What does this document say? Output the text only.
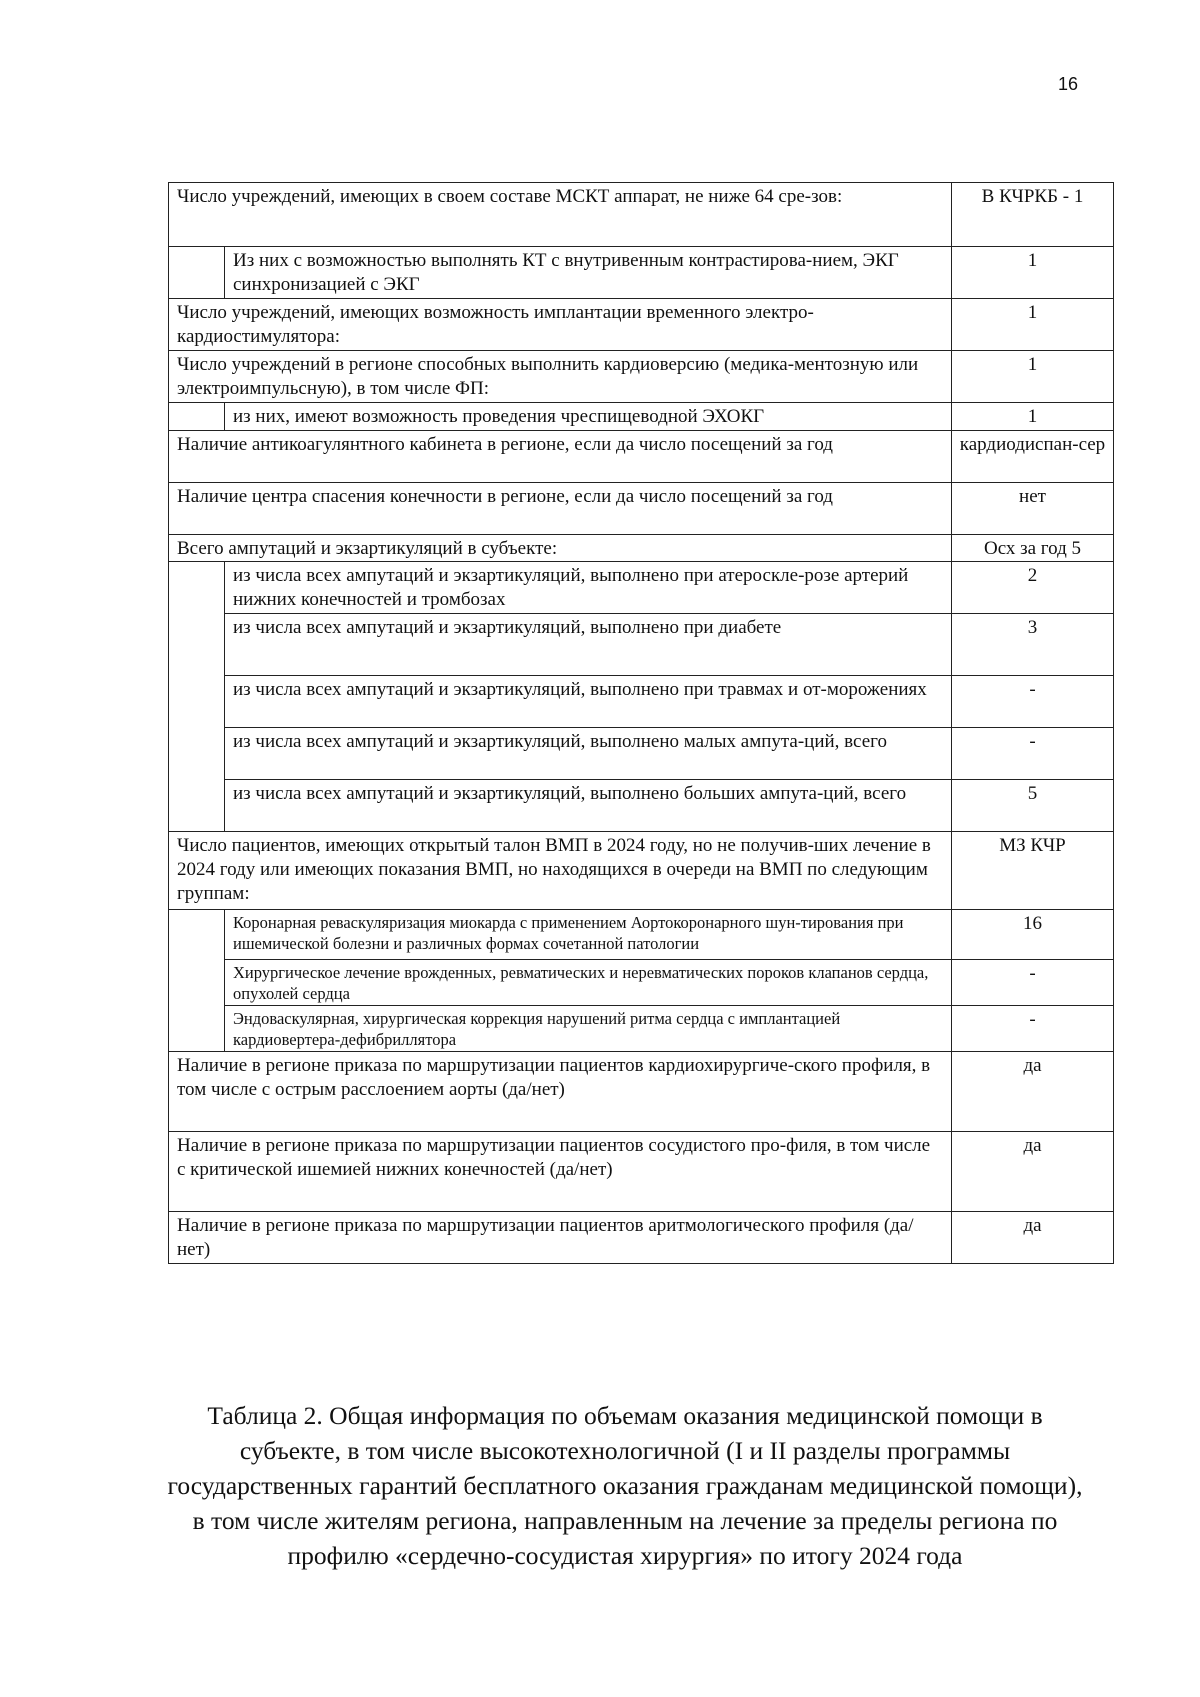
16
Число учреждений, имеющих в своем составе МСКТ аппарат, не ниже 64 сре-зов:			В КЧРКБ - 1
		Из них с возможностью выполнять КТ с внутривенным контрастирова-нием, ЭКГ синхронизацией с ЭКГ	1
Число учреждений, имеющих возможность имплантации временного электро-кардиостимулятора:			1
Число учреждений в регионе способных выполнить кардиоверсию (медика-ментозную или электроимпульсную), в том числе ФП:			1
		из них, имеют возможность проведения чреспищеводной ЭХОКГ	1
Наличие антикоагулянтного кабинета в регионе, если да число посещений за год			кардиодиспан-сер
Наличие центра спасения конечности в регионе, если да число посещений за год			нет
Всего ампутаций и экзартикуляций в субъекте:			Осх за год 5
		из числа всех ампутаций и экзартикуляций, выполнено при атероскле-розе артерий нижних конечностей и тромбозах	2
		из числа всех ампутаций и экзартикуляций, выполнено при диабете	3
		из числа всех ампутаций и экзартикуляций, выполнено при травмах и от-морожениях	-
		из числа всех ампутаций и экзартикуляций, выполнено малых ампута-ций, всего	-
		из числа всех ампутаций и экзартикуляций, выполнено больших ампута-ций, всего	5
Число пациентов, имеющих открытый талон ВМП в 2024 году, но не получив-ших лечение в 2024 году или имеющих показания ВМП, но находящихся в очереди на ВМП по следующим группам:			МЗ КЧР
		Коронарная реваскуляризация миокарда с применением Аортокоронарного шун-тирования при ишемической болезни и различных формах сочетанной патологии	16
		Хирургическое лечение врожденных, ревматических и неревматических пороков клапанов сердца, опухолей сердца	-
		Эндоваскулярная, хирургическая коррекция нарушений ритма сердца с имплантацией кардиовертера-дефибриллятора	-
Наличие в регионе приказа по маршрутизации пациентов кардиохирургиче-ского профиля, в том числе с острым расслоением аорты (да/нет)			да
Наличие в регионе приказа по маршрутизации пациентов сосудистого про-филя, в том числе с критической ишемией нижних конечностей (да/нет)			да
Наличие в регионе приказа по маршрутизации пациентов аритмологического профиля (да/нет)			да
Таблица 2. Общая информация по объемам оказания медицинской помощи в субъекте, в том числе высокотехнологичной (I и II разделы программы государственных гарантий бесплатного оказания гражданам медицинской помощи), в том числе жителям региона, направленным на лечение за пределы региона по профилю «сердечно-сосудистая хирургия» по итогу 2024 года
